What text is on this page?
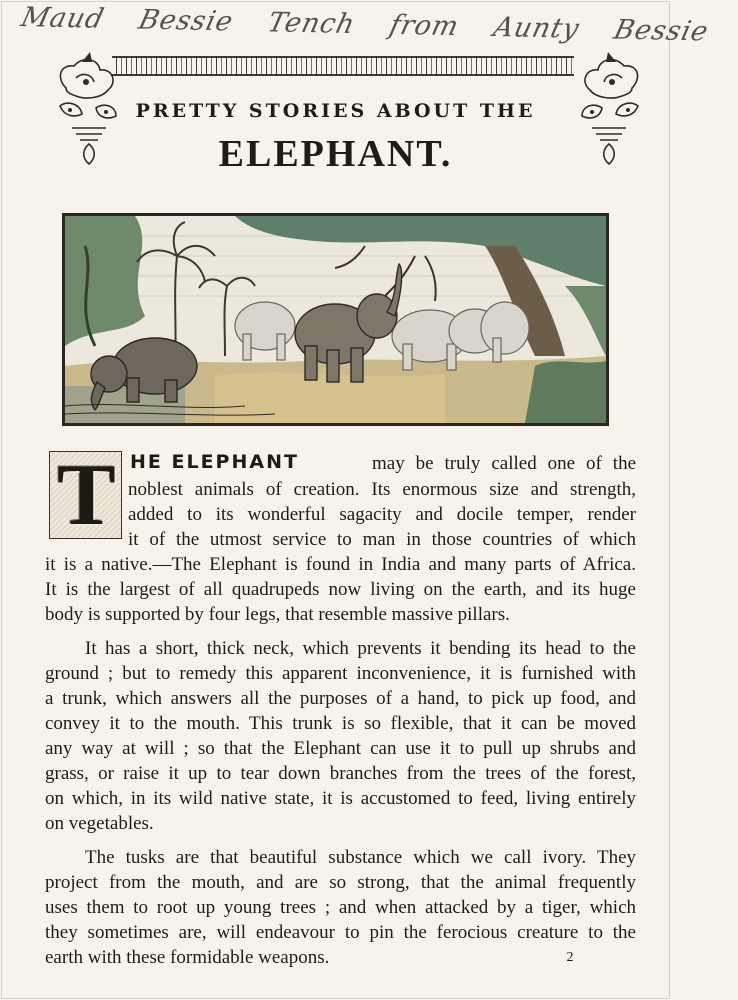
Maud Bessie Tench from Aunty Bessie
PRETTY STORIES ABOUT THE
ELEPHANT.
T HE ELEPHANT	may be truly called one of the
noblest animals of creation. Its enormous size and strength,
added to its wonderful sagacity and docile temper, render
it of the utmost service to man in those countries of which
it is a native.—The Elephant is found in India and many parts of Africa.
It is the largest of all quadrupeds now living on the earth, and its huge
body is supported by four legs, that resemble massive pillars.
It has a short, thick neck, which prevents it bending its head to the
ground ; but to remedy this apparent inconvenience, it is furnished with
a trunk, which answers all the purposes of a hand, to pick up food, and
convey it to the mouth. This trunk is so flexible, that it can be moved
any way at will ; so that the Elephant can use it to pull up shrubs and
grass, or raise it up to tear down branches from the trees of the forest,
on which, in its wild native state, it is accustomed to feed, living entirely
on vegetables.
The tusks are that beautiful substance which we call ivory. They
project from the mouth, and are so strong, that the animal frequently
uses them to root up young trees ; and when attacked by a tiger, which
they sometimes are, will endeavour to pin the ferocious creature to the
earth with these formidable weapons.	2
